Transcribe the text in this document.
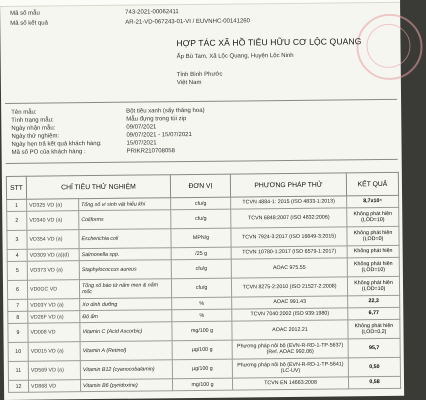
Mã số mẫu	743-2021-00062411
Mã số kết quả	AR-21-VD-067243-01-VI / EUVNHC-00141260
HỢP TÁC XÃ HỒ TIÊU HỮU CƠ LỘC QUANG
Ấp Bù Tam, Xã Lộc Quang, Huyện Lộc Ninh
Tỉnh Bình Phước
Việt Nam
Tên mẫu:	Bột tiêu xanh (sấy thăng hoa)
Tình trạng mẫu:	Mẫu đựng trong túi zip
Ngày nhận mẫu:	09/07/2021
Ngày thử nghiệm:	09/07/2021 - 15/07/2021
Ngày hẹn trả kết quả khách hàng:	15/07/2021
Mã số PO của khách hàng :	PRIKR210708058
STT	CHỈ TIÊU THỬ NGHIỆM		ĐƠN VỊ	PHƯƠNG PHÁP THỬ	KẾT QUẢ
1	VD325 VD (a)	Tổng số vi sinh vật hiếu khí	cfu/g	TCVN 4884-1: 2015 (ISO 4833-1:2013)	8,7x10⁴
2	VD340 VD (a)	Coliforms	cfu/g	TCVN 6848:2007 (ISO 4832:2006)	Không phát hiện (LOD=10)
3	VD354 VD (a)	Escherichia coli	MPN/g	TCVN 7924-3:2017 (ISO 16649-3:2015)	Không phát hiện (LOD=0)
4	VD309 VD (a)(d)	Salmonella spp.	/25 g	TCVN 10780-1:2017 (ISO 6579-1:2017)	Không phát hiện
5	VD373 VD (a)	Staphylococcus aureus	cfu/g	AOAC 975.55	Không phát hiện (LOD=10)
6	VD0GC VD	Tổng số bào tử nấm men & nấm mốc	cfu/g	TCVN 8275-2:2010 (ISO 21527-2:2008)	Không phát hiện (LOD=10)
7	VD03Y VD (a)	Xơ dinh dưỡng	%	AOAC 991.43	22,3
8	VD26F VD (a)	Độ ẩm	%	TCVN 7040:2002 (ISO 939:1980)	6,77
9	VD008 VD	Vitamin C (Acid Ascorbic)	mg/100 g	AOAC 2012.21	Không phát hiện (LOD=0,2)
10	VD015 VD (a)	Vitamin A (Retinol)	µg/100 g	Phương pháp nội bộ (EVN-R-RD-1-TP-5637) (Ref. AOAC 992.06)	95,7
11	VD569 VD (a)	Vitamin B12 (cyanocobalamin)	µg/100 g	Phương pháp nội bộ (EVN-R-RD-1-TP-5641) (LC-UV)	0,50
12	VD868 VD	Vitamin B6 (pyridoxine)	mg/100 g	TCVN EN 14663:2008	0,58
